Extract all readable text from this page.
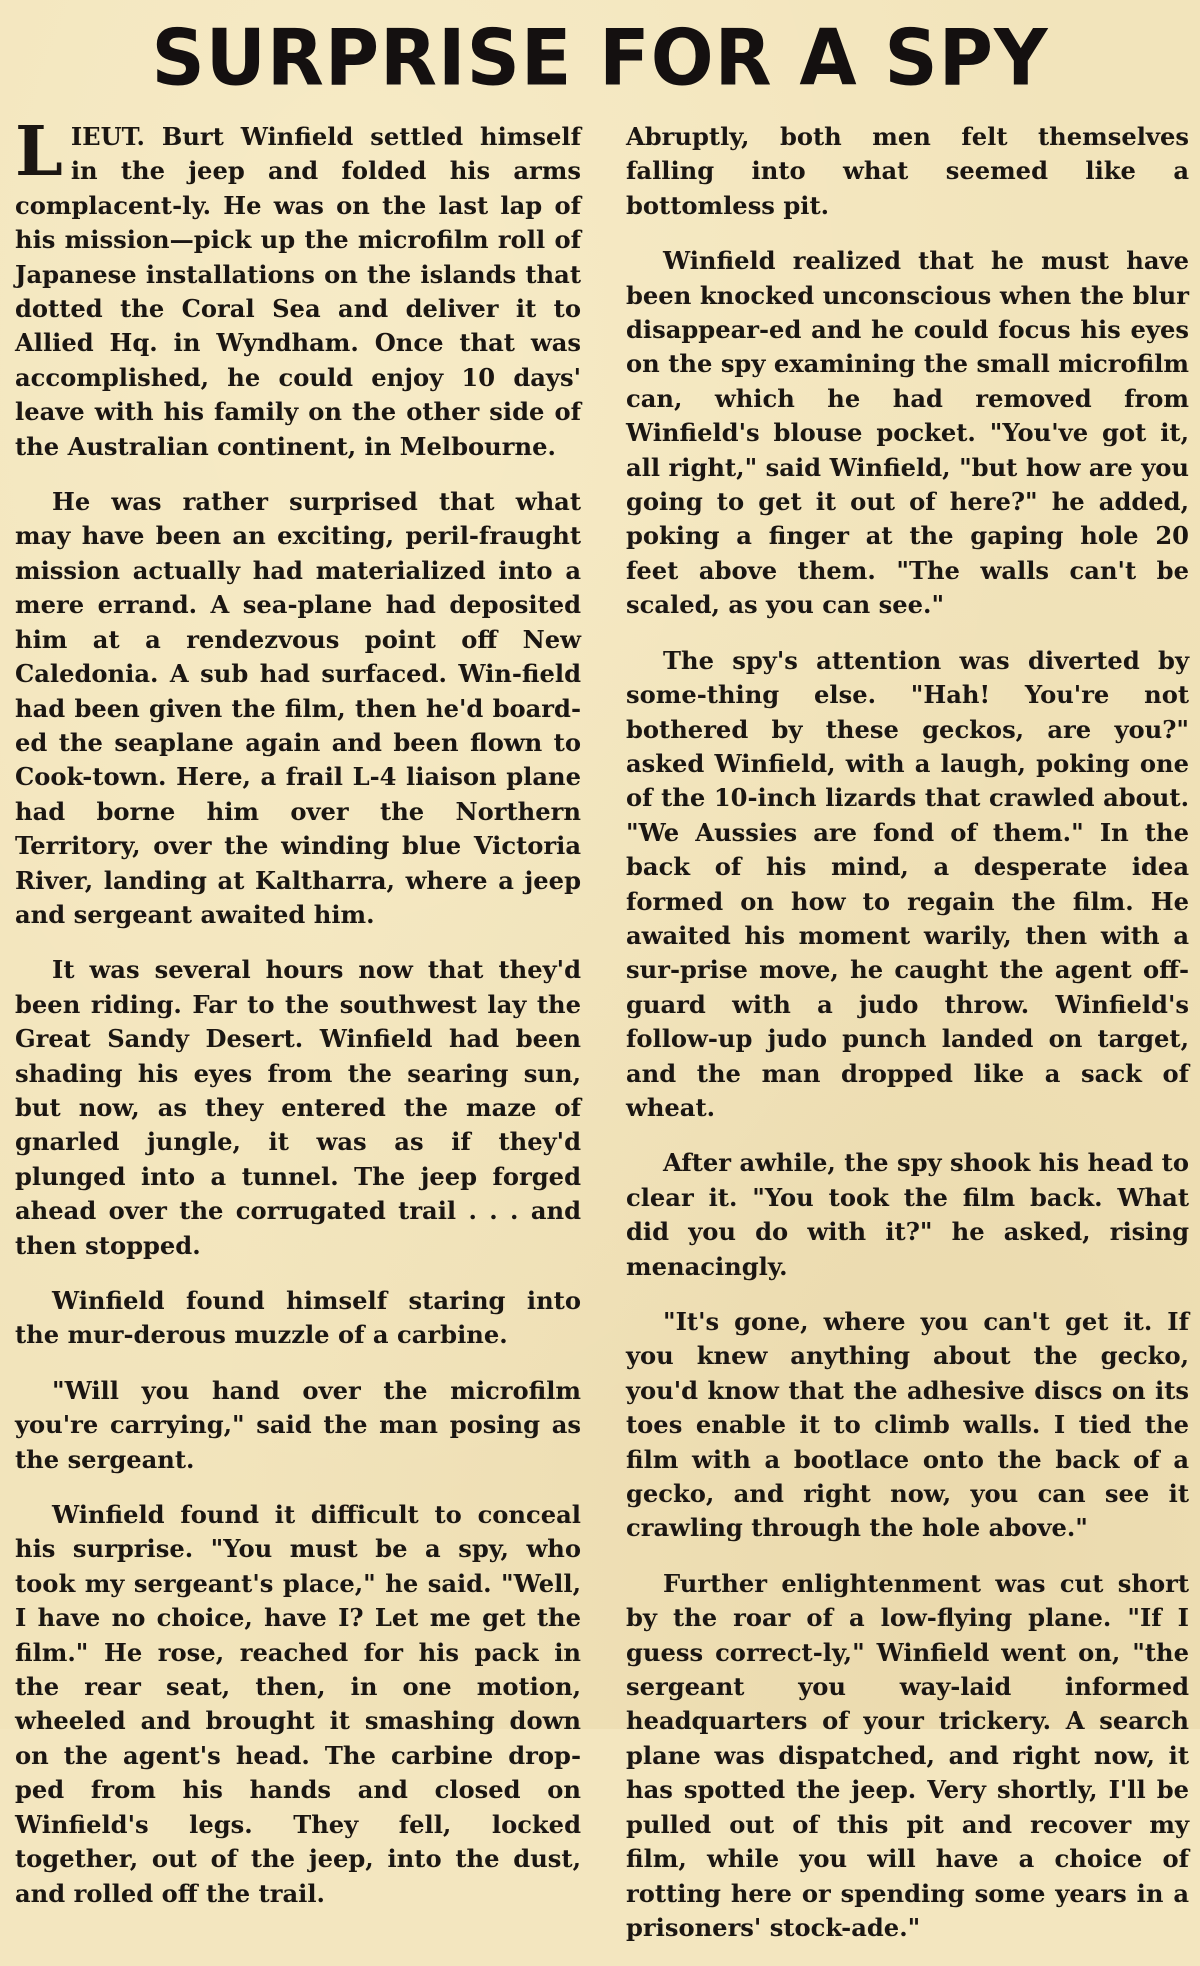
SURPRISE FOR A SPY

LIEUT. Burt Winfield settled himself in the jeep and folded his arms complacent-ly. He was on the last lap of his mission—pick up the microfilm roll of Japanese installations on the islands that dotted the Coral Sea and deliver it to Allied Hq. in Wyndham. Once that was accomplished, he could enjoy 10 days' leave with his family on the other side of the Australian continent, in Melbourne.

He was rather surprised that what may have been an exciting, peril-fraught mission actually had materialized into a mere errand. A sea-plane had deposited him at a rendezvous point off New Caledonia. A sub had surfaced. Win-field had been given the film, then he'd board-ed the seaplane again and been flown to Cook-town. Here, a frail L-4 liaison plane had borne him over the Northern Territory, over the winding blue Victoria River, landing at Kaltharra, where a jeep and sergeant awaited him.

It was several hours now that they'd been riding. Far to the southwest lay the Great Sandy Desert. Winfield had been shading his eyes from the searing sun, but now, as they entered the maze of gnarled jungle, it was as if they'd plunged into a tunnel. The jeep forged ahead over the corrugated trail . . . and then stopped.

Winfield found himself staring into the mur-derous muzzle of a carbine.

"Will you hand over the microfilm you're carrying," said the man posing as the sergeant.

Winfield found it difficult to conceal his surprise. "You must be a spy, who took my sergeant's place," he said. "Well, I have no choice, have I? Let me get the film." He rose, reached for his pack in the rear seat, then, in one motion, wheeled and brought it smashing down on the agent's head. The carbine drop-ped from his hands and closed on Winfield's legs. They fell, locked together, out of the jeep, into the dust, and rolled off the trail.

Abruptly, both men felt themselves falling into what seemed like a bottomless pit.

Winfield realized that he must have been knocked unconscious when the blur disappear-ed and he could focus his eyes on the spy examining the small microfilm can, which he had removed from Winfield's blouse pocket. "You've got it, all right," said Winfield, "but how are you going to get it out of here?" he added, poking a finger at the gaping hole 20 feet above them. "The walls can't be scaled, as you can see."

The spy's attention was diverted by some-thing else. "Hah! You're not bothered by these geckos, are you?" asked Winfield, with a laugh, poking one of the 10-inch lizards that crawled about. "We Aussies are fond of them." In the back of his mind, a desperate idea formed on how to regain the film. He awaited his moment warily, then with a sur-prise move, he caught the agent off-guard with a judo throw. Winfield's follow-up judo punch landed on target, and the man dropped like a sack of wheat.

After awhile, the spy shook his head to clear it. "You took the film back. What did you do with it?" he asked, rising menacingly.

"It's gone, where you can't get it. If you knew anything about the gecko, you'd know that the adhesive discs on its toes enable it to climb walls. I tied the film with a bootlace onto the back of a gecko, and right now, you can see it crawling through the hole above."

Further enlightenment was cut short by the roar of a low-flying plane. "If I guess correct-ly," Winfield went on, "the sergeant you way-laid informed headquarters of your trickery. A search plane was dispatched, and right now, it has spotted the jeep. Very shortly, I'll be pulled out of this pit and recover my film, while you will have a choice of rotting here or spending some years in a prisoners' stock-ade."
